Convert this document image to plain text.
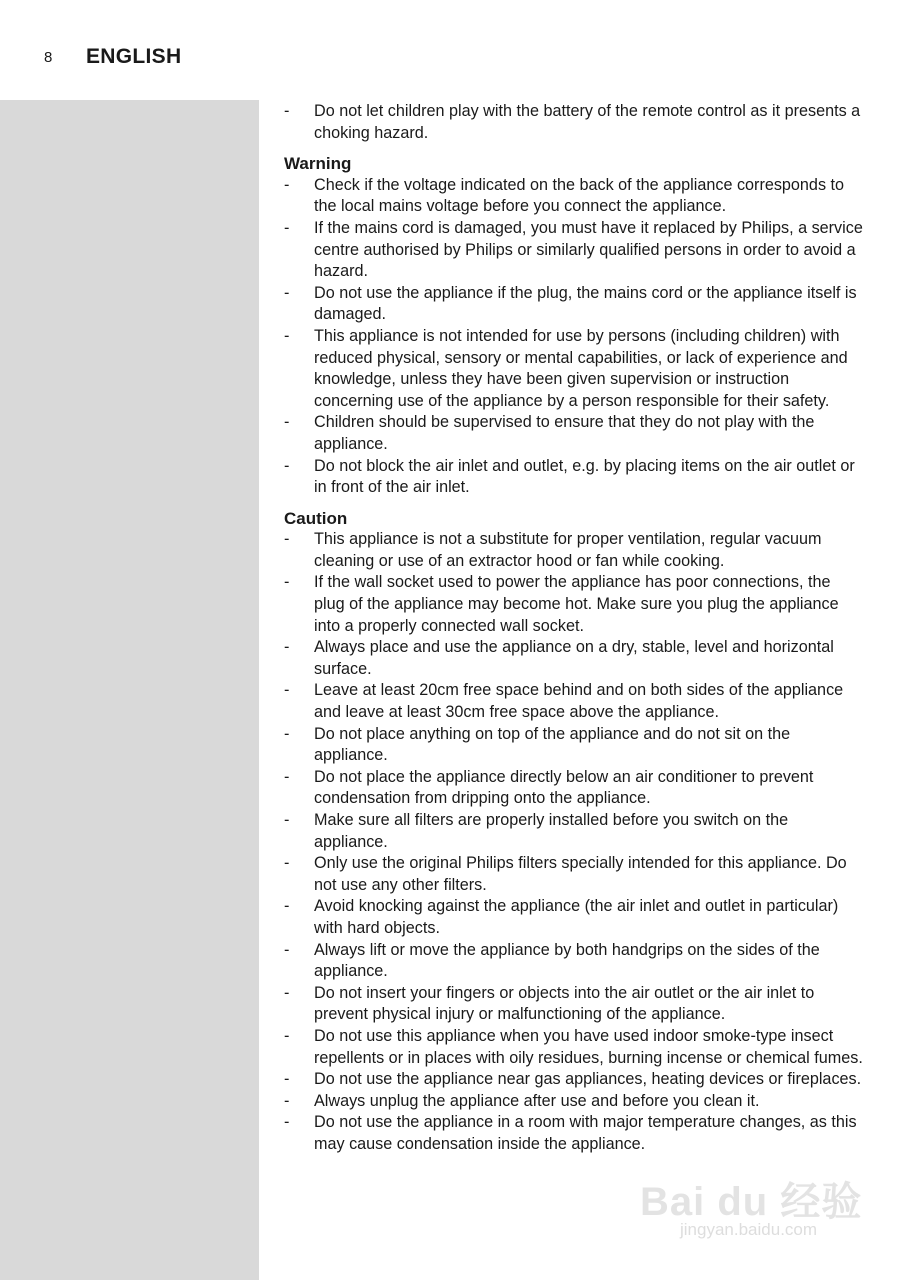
8 ENGLISH
- Do not let children play with the battery of the remote control as it presents a choking hazard.
Warning
- Check if the voltage indicated on the back of the appliance corresponds to the local mains voltage before you connect the appliance.
- If the mains cord is damaged, you must have it replaced by Philips, a service centre authorised by Philips or similarly qualified persons in order to avoid a hazard.
- Do not use the appliance if the plug, the mains cord or the appliance itself is damaged.
- This appliance is not intended for use by persons (including children) with reduced physical, sensory or mental capabilities, or lack of experience and knowledge, unless they have been given supervision or instruction concerning use of the appliance by a person responsible for their safety.
- Children should be supervised to ensure that they do not play with the appliance.
- Do not block the air inlet and outlet, e.g. by placing items on the air outlet or in front of the air inlet.
Caution
- This appliance is not a substitute for proper ventilation, regular vacuum cleaning or use of an extractor hood or fan while cooking.
- If the wall socket used to power the appliance has poor connections, the plug of the appliance may become hot. Make sure you plug the appliance into a properly connected wall socket.
- Always place and use the appliance on a dry, stable, level and horizontal surface.
- Leave at least 20cm free space behind and on both sides of the appliance and leave at least 30cm free space above the appliance.
- Do not place anything on top of the appliance and do not sit on the appliance.
- Do not place the appliance directly below an air conditioner to prevent condensation from dripping onto the appliance.
- Make sure all filters are properly installed before you switch on the appliance.
- Only use the original Philips filters specially intended for this appliance. Do not use any other filters.
- Avoid knocking against the appliance (the air inlet and outlet in particular) with hard objects.
- Always lift or move the appliance by both handgrips on the sides of the appliance.
- Do not insert your fingers or objects into the air outlet or the air inlet to prevent physical injury or malfunctioning of the appliance.
- Do not use this appliance when you have used indoor smoke-type insect repellents or in places with oily residues, burning incense or chemical fumes.
- Do not use the appliance near gas appliances, heating devices or fireplaces.
- Always unplug the appliance after use and before you clean it.
- Do not use the appliance in a room with major temperature changes, as this may cause condensation inside the appliance.
Bai du 经验
jingyan.baidu.com
